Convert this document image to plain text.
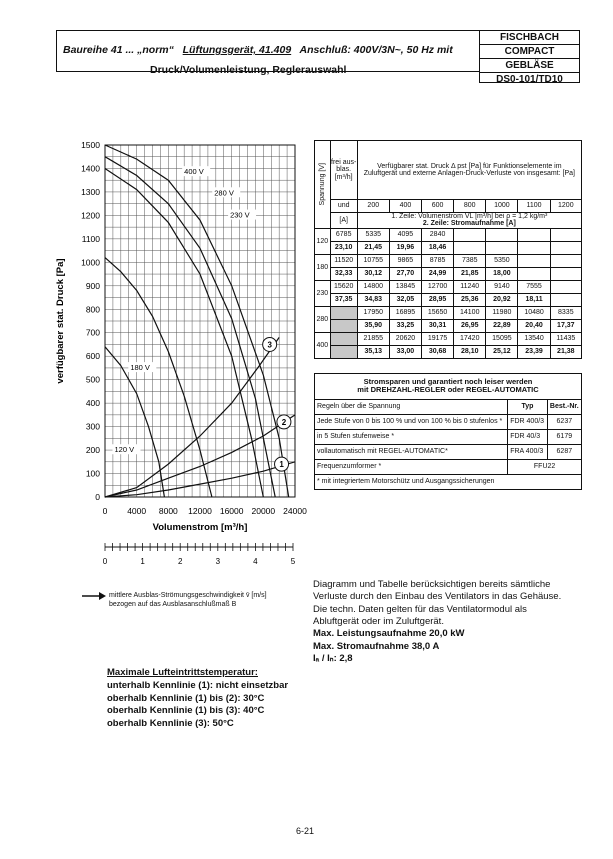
Baureihe 41 ... „norm“ Lüftungsgerät, 41.409 Anschluß: 400V/3N~, 50 Hz mit
Druck/Volumenleistung, Reglerauswahl
FISCHBACH
COMPACT
GEBLÄSE
DS0-101/TD10
0
100
200
300
400
500
600
700
800
900
1000
1100
1200
1300
1400
1500
0 4000 8000 12000 16000 20000 24000
Volumenstrom [m³/h]
verfügbarer stat. Druck [Pa]
400 V
280 V
230 V
180 V
120 V
1
2
3
0	1	2	3	4	5
Spannung [V]	frei aus- blas. [m³/h]	Verfügbarer stat. Druck Δ pst [Pa] für Funktionselemente im Zuluftgerät und externe Anlagen-Druck-Verluste von insgesamt: [Pa]						
	und	200	400	600	800	1000	1100	1200
	[A]	1. Zeile: Volumenstrom VL [m³/h] bei ρ = 1,2 kg/m³
2. Zeile: Stromaufnahme [A]						

120	6785	5335	4095	2840				
	23,10	21,45	19,96	18,46				
180	11520	10755	9865	8785	7385	5350		
	32,33	30,12	27,70	24,99	21,85	18,00		
230	15620	14800	13845	12700	11240	9140	7555	
	37,35	34,83	32,05	28,95	25,36	20,92	18,11	
280		17950	16895	15650	14100	11980	10480	8335
		35,90	33,25	30,31	26,95	22,89	20,40	17,37
400		21855	20620	19175	17420	15095	13540	11435
		35,13	33,00	30,68	28,10	25,12	23,39	21,38
Stromsparen und garantiert noch leiser werden
mit DREHZAHL-REGLER oder REGEL-AUTOMATIC		

Regeln über die Spannung	Typ	Best.-Nr.
Jede Stufe von 0 bis 100 % und von 100 % bis 0 stufenlos *	FDR 400/3	6237
in 5 Stufen stufenweise *	FDR 40/3	6179
vollautomatisch mit REGEL-AUTOMATIC*	FRA 400/3	6287
Frequenzumformer *	FFU22	
* mit integriertem Motorschütz und Ausgangssicherungen		
mittlere Ausblas-Strömungsgeschwindigkeit v̄ [m/s]
bezogen auf das Ausblasanschlußmaß B
Diagramm und Tabelle berücksichtigen bereits sämtliche Verluste durch den Einbau des Ventilators in das Gehäuse. Die techn. Daten gelten für das Ventilatormodul als Abluftgerät oder im Zuluftgerät.
Max. Leistungsaufnahme 20,0 kW
Max. Stromaufnahme 38,0 A
Iₐ / Iₙ: 2,8
Maximale Lufteintrittstemperatur:
unterhalb Kennlinie (1): nicht einsetzbar
oberhalb Kennlinie (1) bis (2): 30°C
oberhalb Kennlinie (1) bis (3): 40°C
oberhalb Kennlinie (3): 50°C
6-21
